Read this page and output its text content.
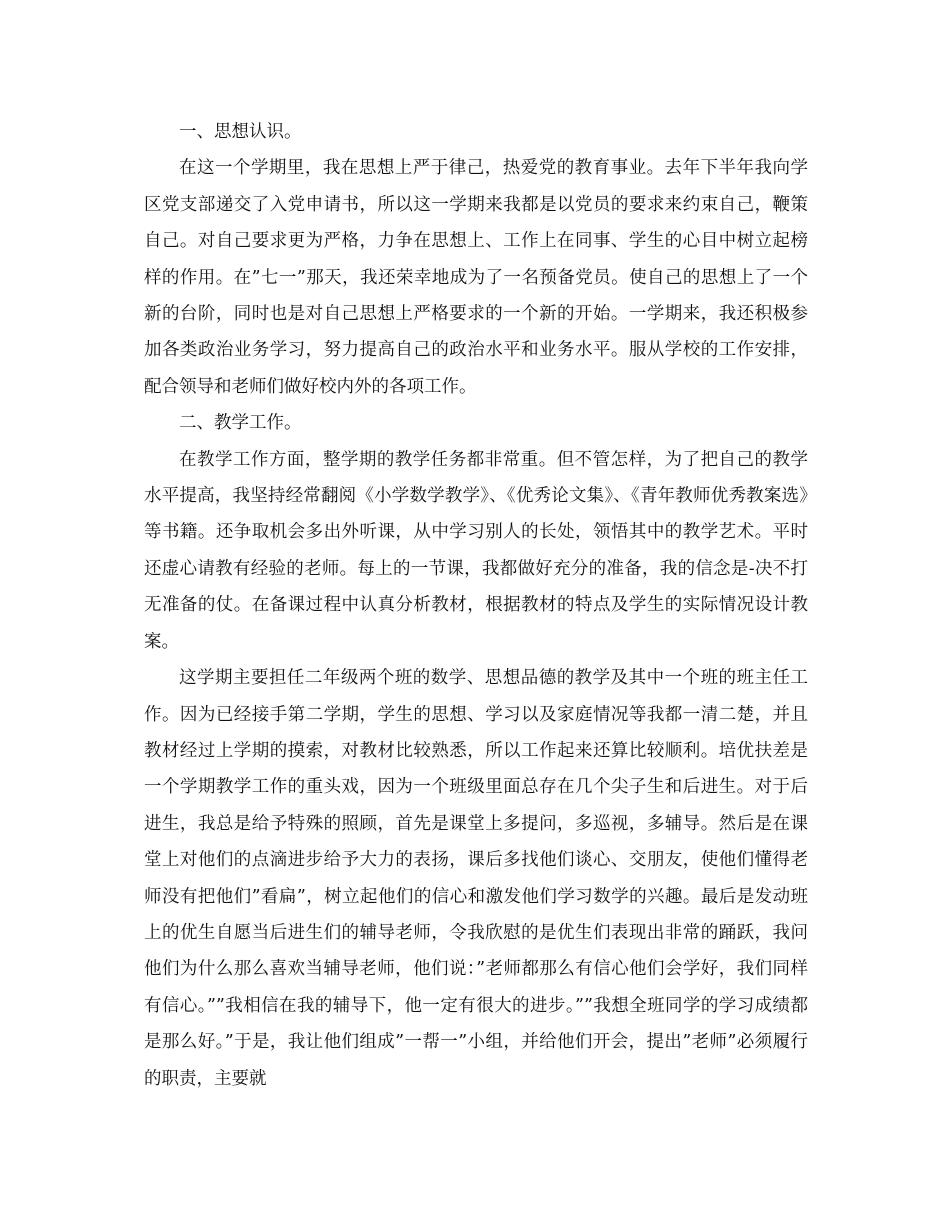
一、思想认识。

在这一个学期里，我在思想上严于律己，热爱党的教育事业。去年下半年我向学区党支部递交了入党申请书，所以这一学期来我都是以党员的要求来约束自己，鞭策自己。对自己要求更为严格，力争在思想上、工作上在同事、学生的心目中树立起榜样的作用。在”七一”那天，我还荣幸地成为了一名预备党员。使自己的思想上了一个新的台阶，同时也是对自己思想上严格要求的一个新的开始。一学期来，我还积极参加各类政治业务学习，努力提高自己的政治水平和业务水平。服从学校的工作安排，配合领导和老师们做好校内外的各项工作。

二、教学工作。

在教学工作方面，整学期的教学任务都非常重。但不管怎样，为了把自己的教学水平提高，我坚持经常翻阅《小学数学教学》、《优秀论文集》、《青年教师优秀教案选》等书籍。还争取机会多出外听课，从中学习别人的长处，领悟其中的教学艺术。平时还虚心请教有经验的老师。每上的一节课，我都做好充分的准备，我的信念是-决不打无准备的仗。在备课过程中认真分析教材，根据教材的特点及学生的实际情况设计教案。

这学期主要担任二年级两个班的数学、思想品德的教学及其中一个班的班主任工作。因为已经接手第二学期，学生的思想、学习以及家庭情况等我都一清二楚，并且教材经过上学期的摸索，对教材比较熟悉，所以工作起来还算比较顺利。培优扶差是一个学期教学工作的重头戏，因为一个班级里面总存在几个尖子生和后进生。对于后进生，我总是给予特殊的照顾，首先是课堂上多提问，多巡视，多辅导。然后是在课堂上对他们的点滴进步给予大力的表扬，课后多找他们谈心、交朋友，使他们懂得老师没有把他们”看扁”，树立起他们的信心和激发他们学习数学的兴趣。最后是发动班上的优生自愿当后进生们的辅导老师，令我欣慰的是优生们表现出非常的踊跃，我问他们为什么那么喜欢当辅导老师，他们说：”老师都那么有信心他们会学好，我们同样有信心。””我相信在我的辅导下，他一定有很大的进步。””我想全班同学的学习成绩都是那么好。”于是，我让他们组成”一帮一”小组，并给他们开会，提出”老师”必须履行的职责，主要就
